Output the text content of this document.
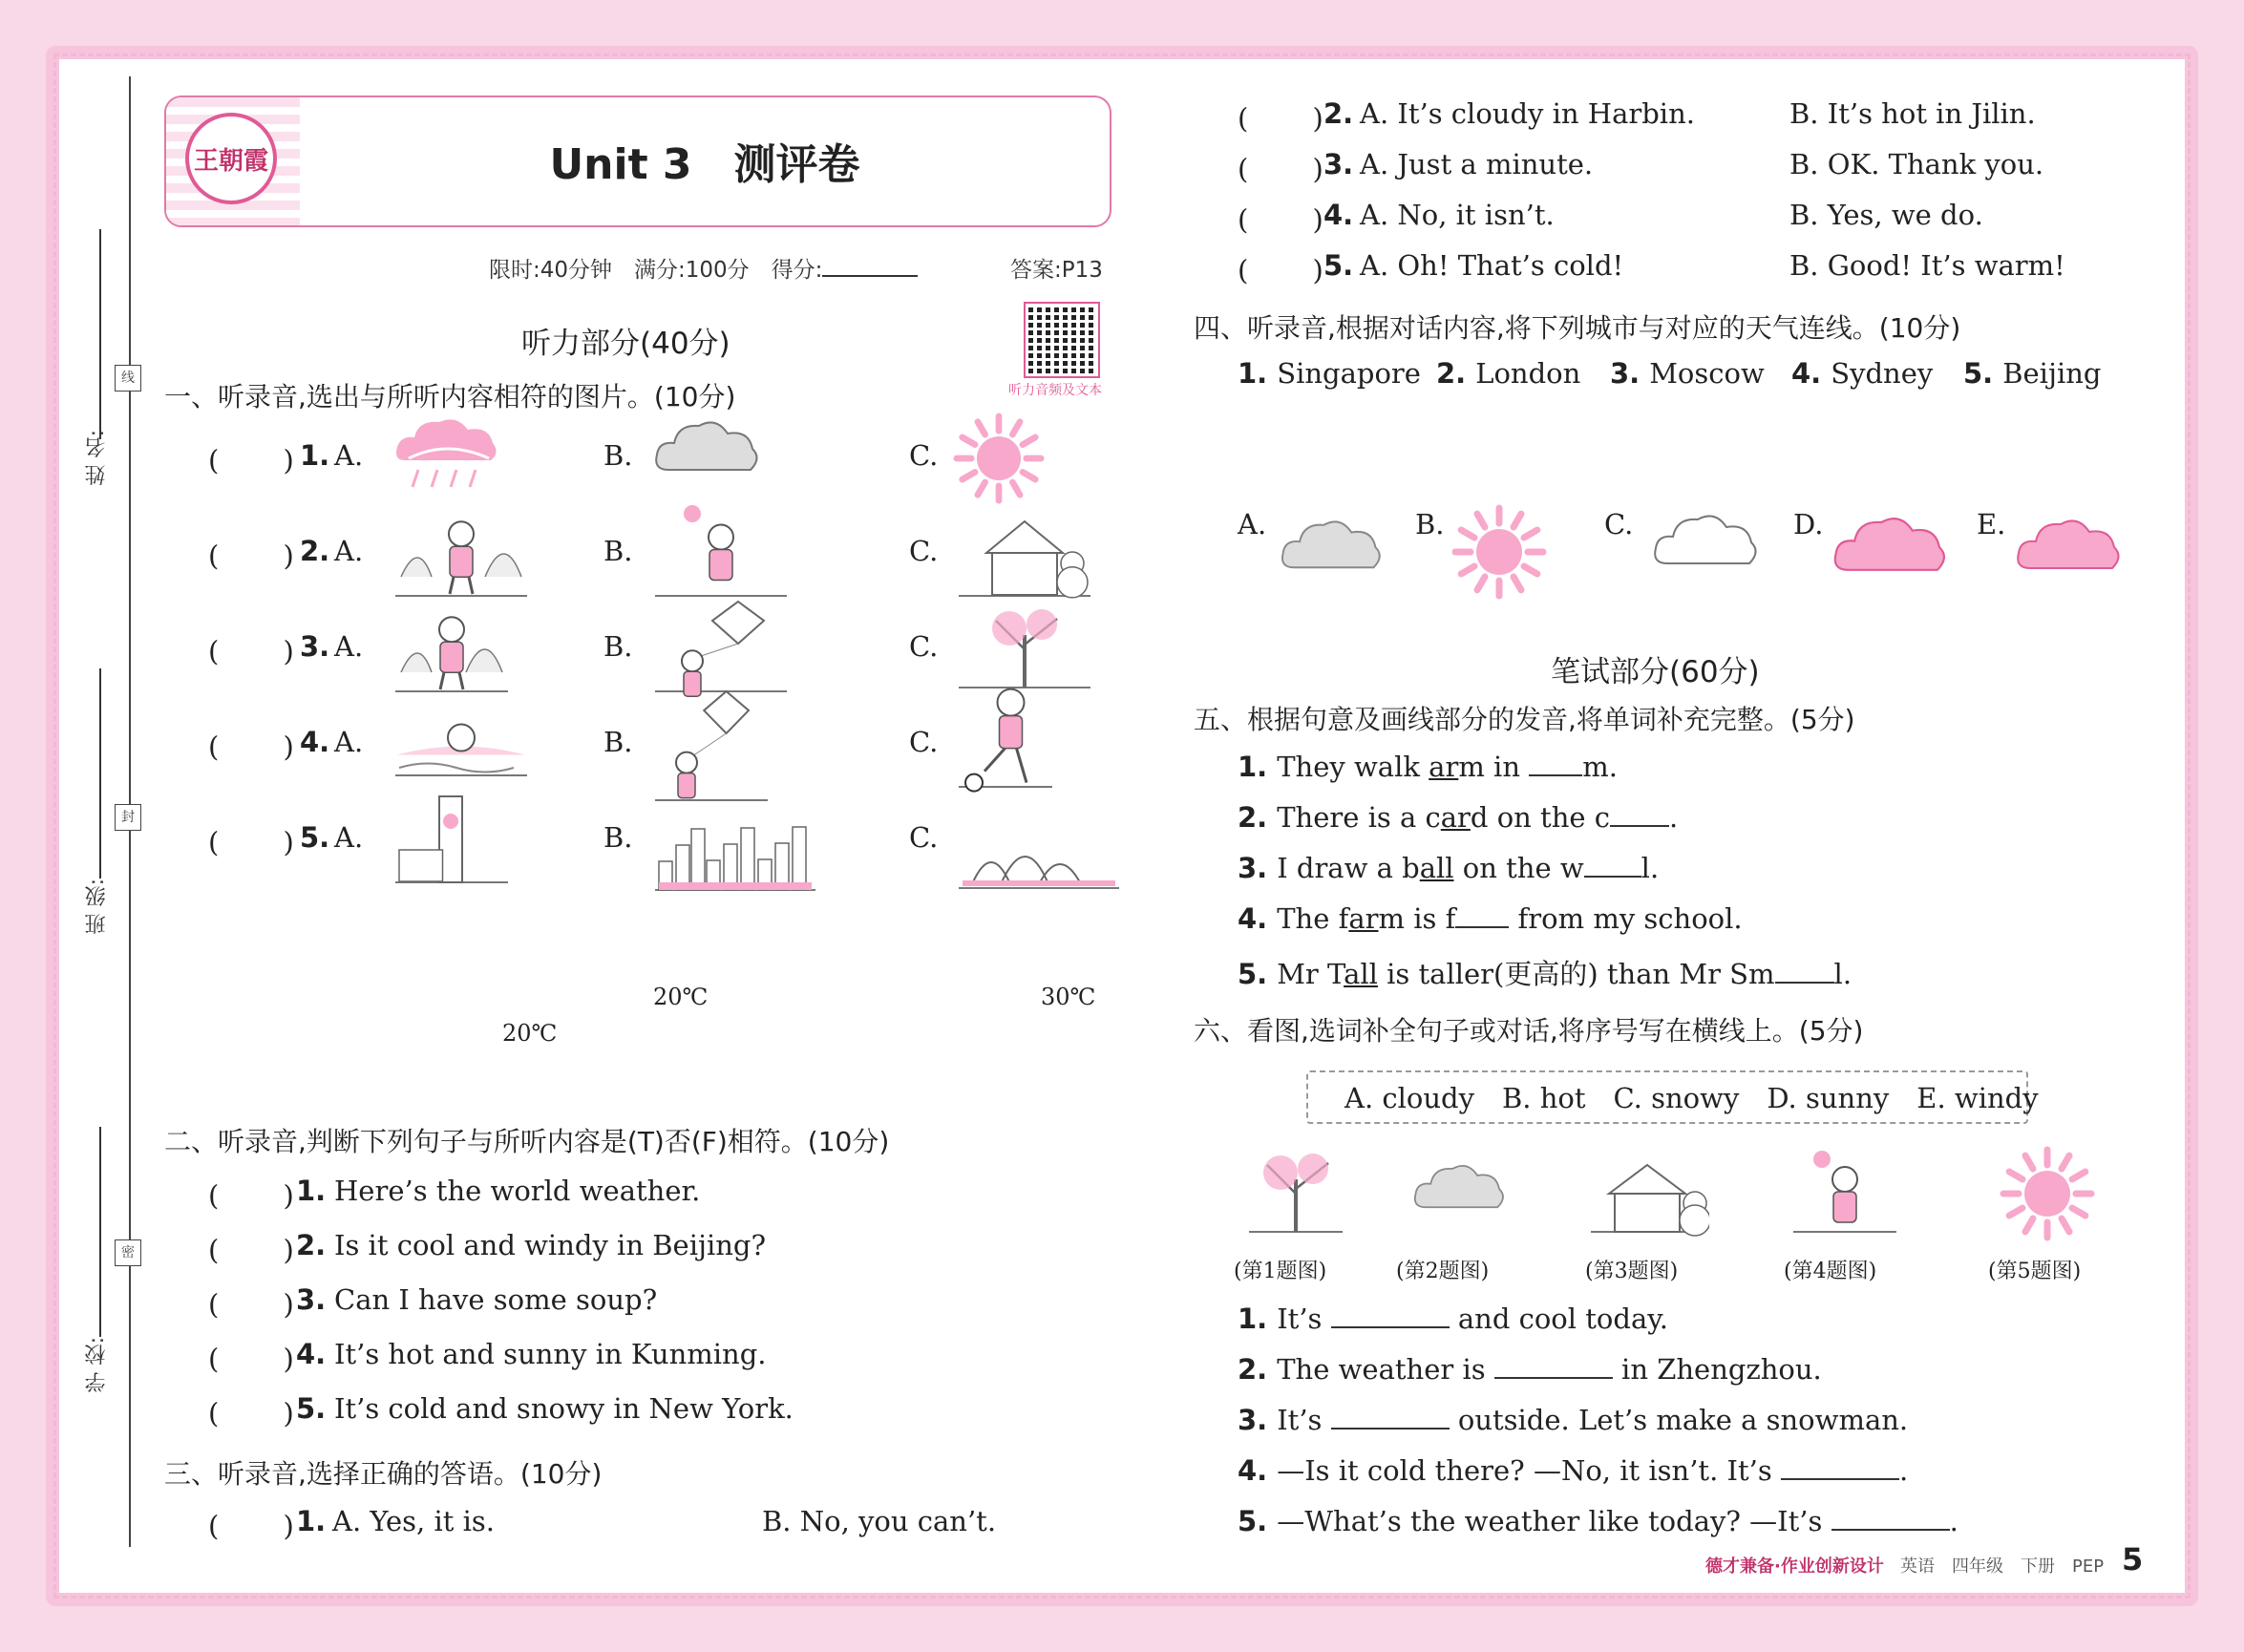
线
封
密
姓 名:
班 级:
学 校:
王朝霞	Unit 3　测评卷
限时:40分钟　满分:100分　得分:	答案:P13
听力音频及文本
听力部分(40分)
一、听录音,选出与所听内容相符的图片。(10分)
(　 　) 1. A.	B.	C.
(　 　) 2. A.	B.	C.
(　 　) 3. A.	B.	C.
(　 　) 4. A.	B.	C.
(　 　) 5. A.	B.	C.
20℃
20℃	30℃
二、听录音,判断下列句子与所听内容是(T)否(F)相符。(10分)
(　 　) 1. Here’s the world weather.
(　 　) 2. Is it cool and windy in Beijing?
(　 　) 3. Can I have some soup?
(　 　) 4. It’s hot and sunny in Kunming.
(　 　) 5. It’s cold and snowy in New York.
三、听录音,选择正确的答语。(10分)
(　 　) 1. A. Yes, it is.	B. No, you can’t.
(　 　) 2. A. It’s cloudy in Harbin.	B. It’s hot in Jilin.
(　 　) 3. A. Just a minute.	B. OK. Thank you.
(　 　) 4. A. No, it isn’t.	B. Yes, we do.
(　 　) 5. A. Oh! That’s cold!	B. Good! It’s warm!
四、听录音,根据对话内容,将下列城市与对应的天气连线。(10分)
1. Singapore 2. London 3. Moscow 4. Sydney 5. Beijing
A.	B.	C.	D.	E.
笔试部分(60分)
五、根据句意及画线部分的发音,将单词补充完整。(5分)
1. They walk arm in m.
2. There is a card on the c .
3. I draw a ball on the w l.
4. The farm is f from my school.
5. Mr Tall is taller(更高的) than Mr Sm l.
六、看图,选词补全句子或对话,将序号写在横线上。(5分)
A. cloudy　B. hot　C. snowy　D. sunny　E. windy
(第1题图)	(第2题图)	(第3题图)	(第4题图)	(第5题图)
1. It’s	and cool today.
2. The weather is	in Zhengzhou.
3. It’s	outside. Let’s make a snowman.
4. —Is it cold there? —No, it isn’t. It’s	.
5. —What’s the weather like today? —It’s	.
德才兼备·作业创新设计 英语　四年级　下册　PEP 5
